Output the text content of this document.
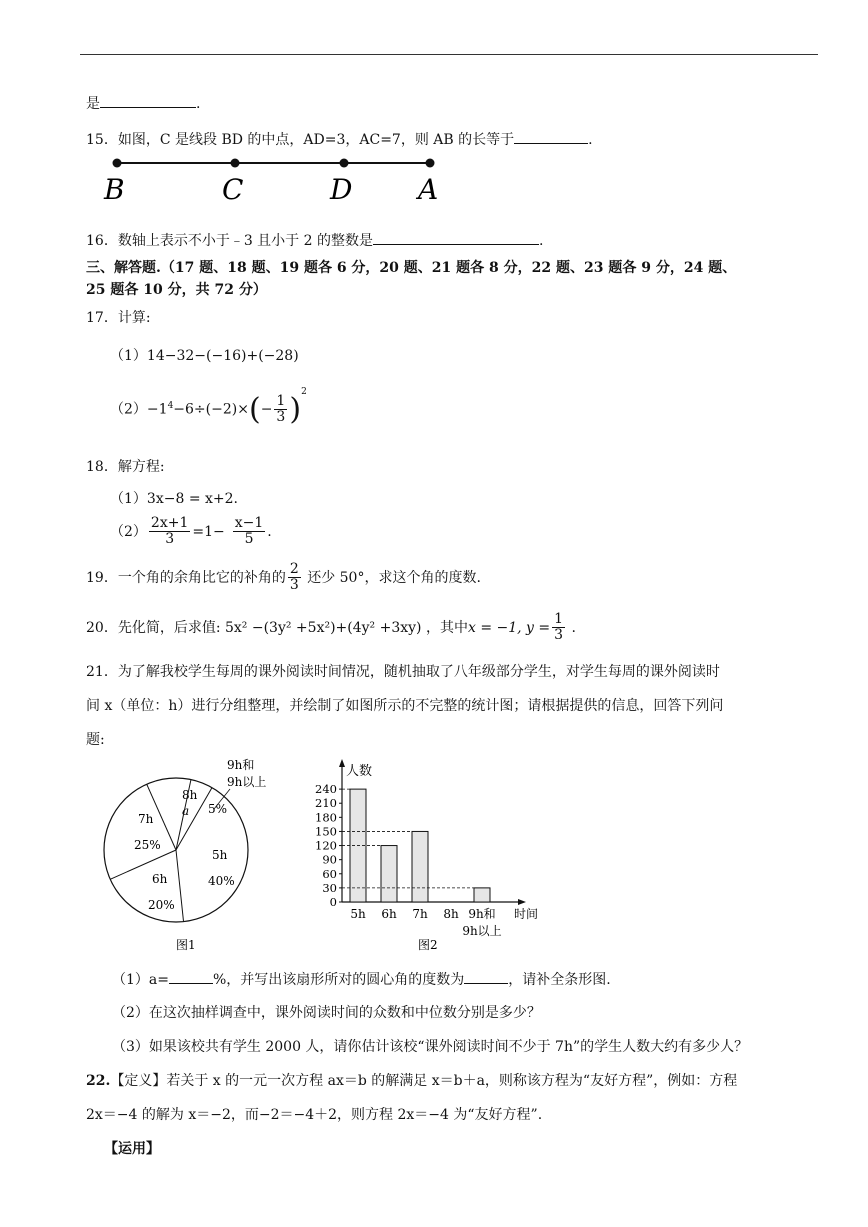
是	.
15．如图，C 是线段 BD 的中点，AD=3，AC=7，则 AB 的长等于	.
B	C	D A
16．数轴上表示不小于﹣3 且小于 2 的整数是	.
三、解答题.（17 题、18 题、19 题各 6 分，20 题、21 题各 8 分，22 题、23 题各 9 分，24 题、
25 题各 10 分，共 72 分）
17．计算:
（1）14−32−(−16)+(−28)
$(2)-1^4-6\div(-2)\times(- \frac{1}{3} )^2$
18．解方程:
（1）3x−8 = x+2.
$(2) \frac{2x+1}{3} =1- \frac{x-1}{5}$ .
19．一个角的余角比它的补角的 $\frac{2}{3}$ 还少 50°，求这个角的度数.
20．先化简，后求值: 5x² −(3y² +5x²)+(4y² +3xy) ，其中x = −1, $y = \frac{1}{3}$ .
21．为了解我校学生每周的课外阅读时间情况，随机抽取了八年级部分学生，对学生每周的课外阅读时
间 x（单位：h）进行分组整理，并绘制了如图所示的不完整的统计图；请根据提供的信息，回答下列问
题:
5h
40%
6h
20%
7h
25%
8h
a 5%
9h和
9h以上
图1
人数
时间
0
30
60
90
120
150
180
210
240
5h 6h 7h 8h 9h和
9h以上
图2
（1）a=	%，并写出该扇形所对的圆心角的度数为	，请补全条形图.
（2）在这次抽样调查中，课外阅读时间的众数和中位数分别是多少？
（3）如果该校共有学生 2000 人，请你估计该校“课外阅读时间不少于 7h”的学生人数大约有多少人？
22.【定义】若关于 x 的一元一次方程 ax＝b 的解满足 x＝b＋a，则称该方程为“友好方程”，例如：方程
2x＝−4 的解为 x＝−2，而−2＝−4＋2，则方程 2x＝−4 为“友好方程”.
【运用】
